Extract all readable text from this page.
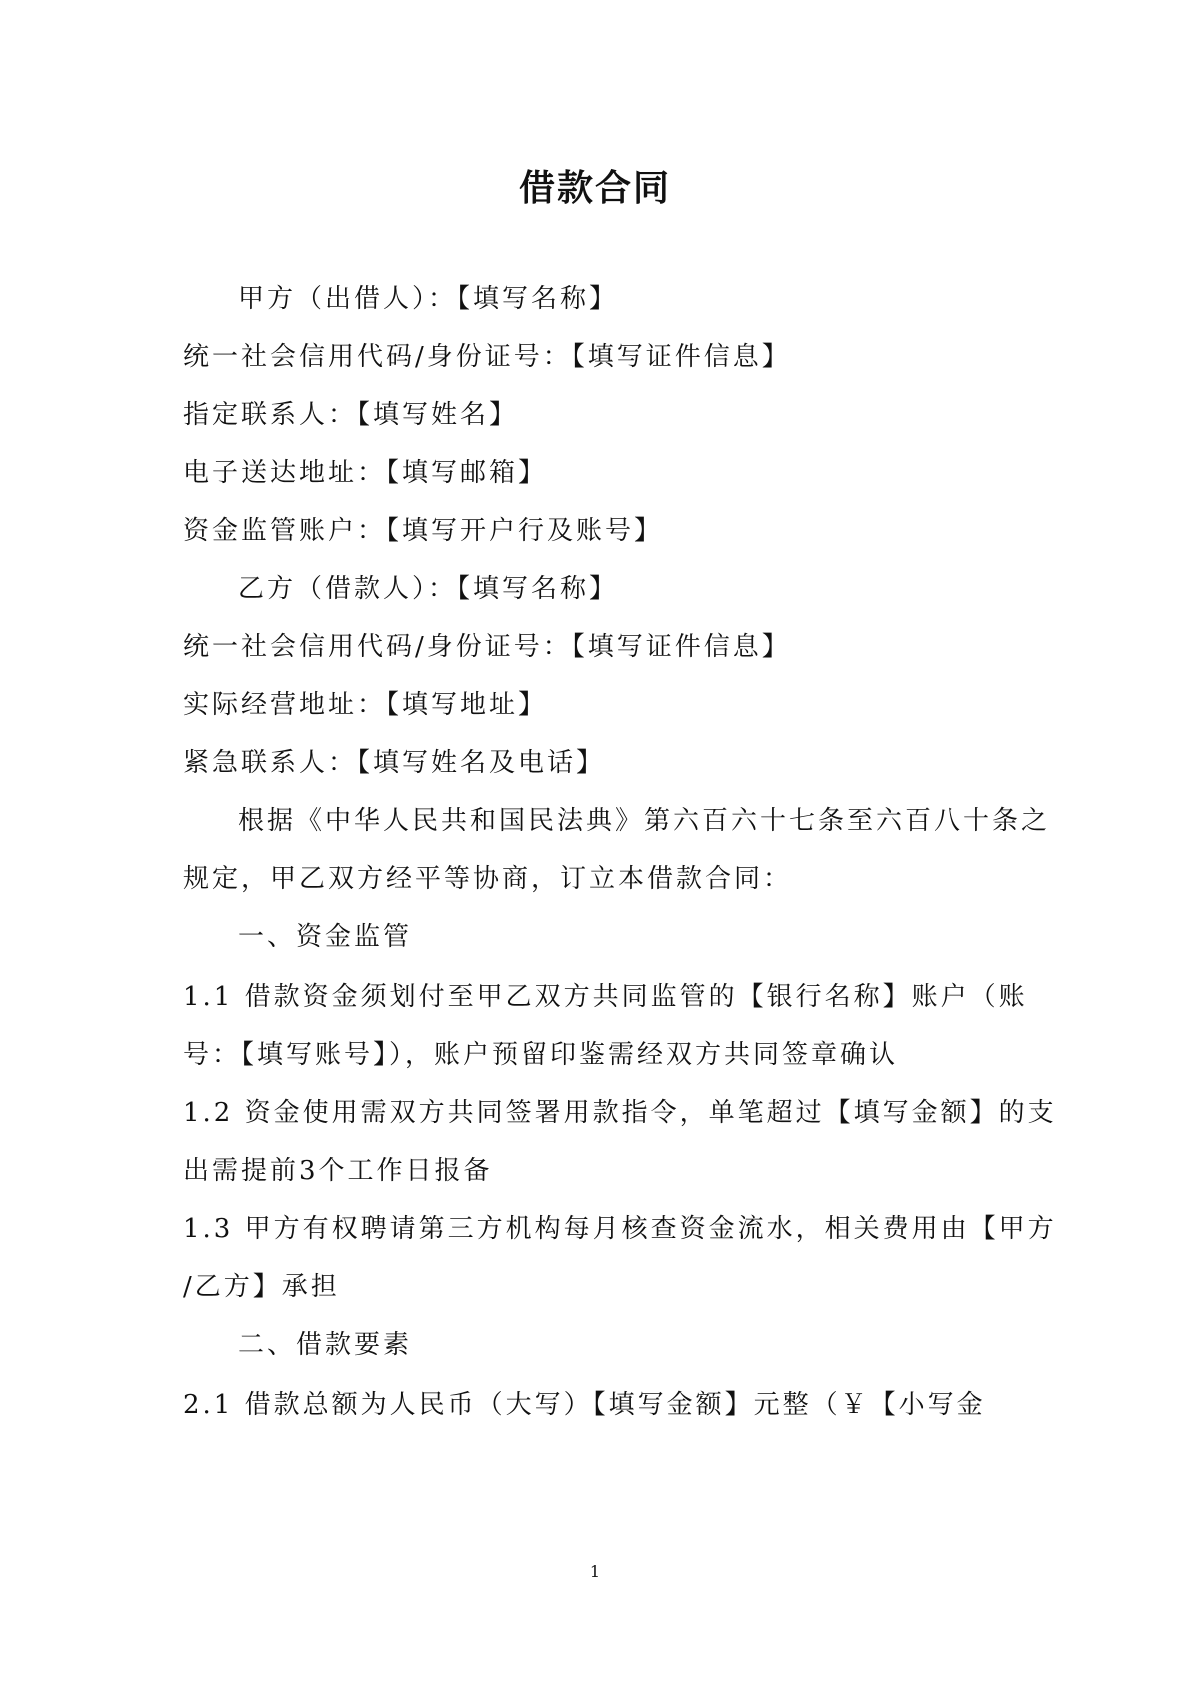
借款合同
甲方（出借人）：【填写名称】
统一社会信用代码/身份证号：【填写证件信息】
指定联系人：【填写姓名】
电子送达地址：【填写邮箱】
资金监管账户：【填写开户行及账号】
乙方（借款人）：【填写名称】
统一社会信用代码/身份证号：【填写证件信息】
实际经营地址：【填写地址】
紧急联系人：【填写姓名及电话】
根据《中华人民共和国民法典》第六百六十七条至六百八十条之
规定，甲乙双方经平等协商，订立本借款合同：
一、资金监管
1.1 借款资金须划付至甲乙双方共同监管的【银行名称】账户（账
号：【填写账号】），账户预留印鉴需经双方共同签章确认
1.2 资金使用需双方共同签署用款指令，单笔超过【填写金额】的支
出需提前3个工作日报备
1.3 甲方有权聘请第三方机构每月核查资金流水，相关费用由【甲方
/乙方】承担
二、借款要素
2.1 借款总额为人民币（大写）【填写金额】元整（￥【小写金
1
